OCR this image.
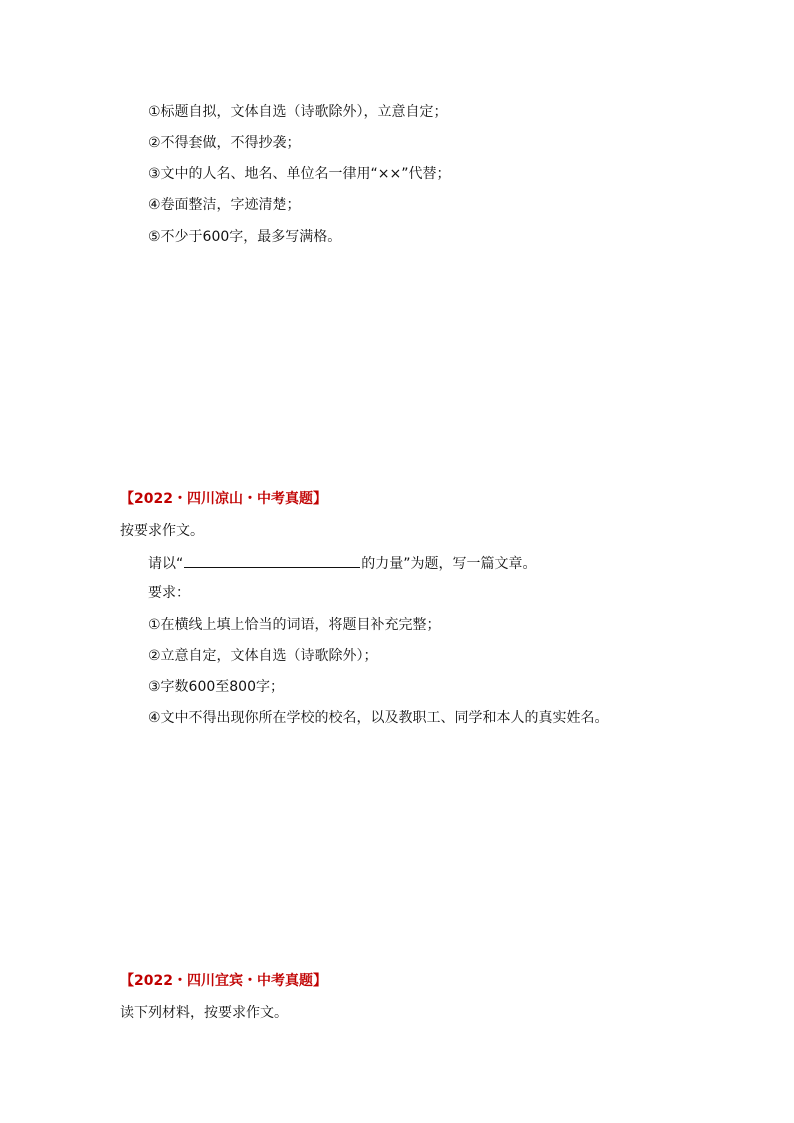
①标题自拟，文体自选（诗歌除外），立意自定；
②不得套做，不得抄袭；
③文中的人名、地名、单位名一律用“××”代替；
④卷面整洁，字迹清楚；
⑤不少于600字，最多写满格。
【2022・四川凉山・中考真题】
按要求作文。
请以“	的力量”为题，写一篇文章。
要求：
①在横线上填上恰当的词语，将题目补充完整；
②立意自定，文体自选（诗歌除外）；
③字数600至800字；
④文中不得出现你所在学校的校名，以及教职工、同学和本人的真实姓名。
【2022・四川宜宾・中考真题】
读下列材料，按要求作文。
